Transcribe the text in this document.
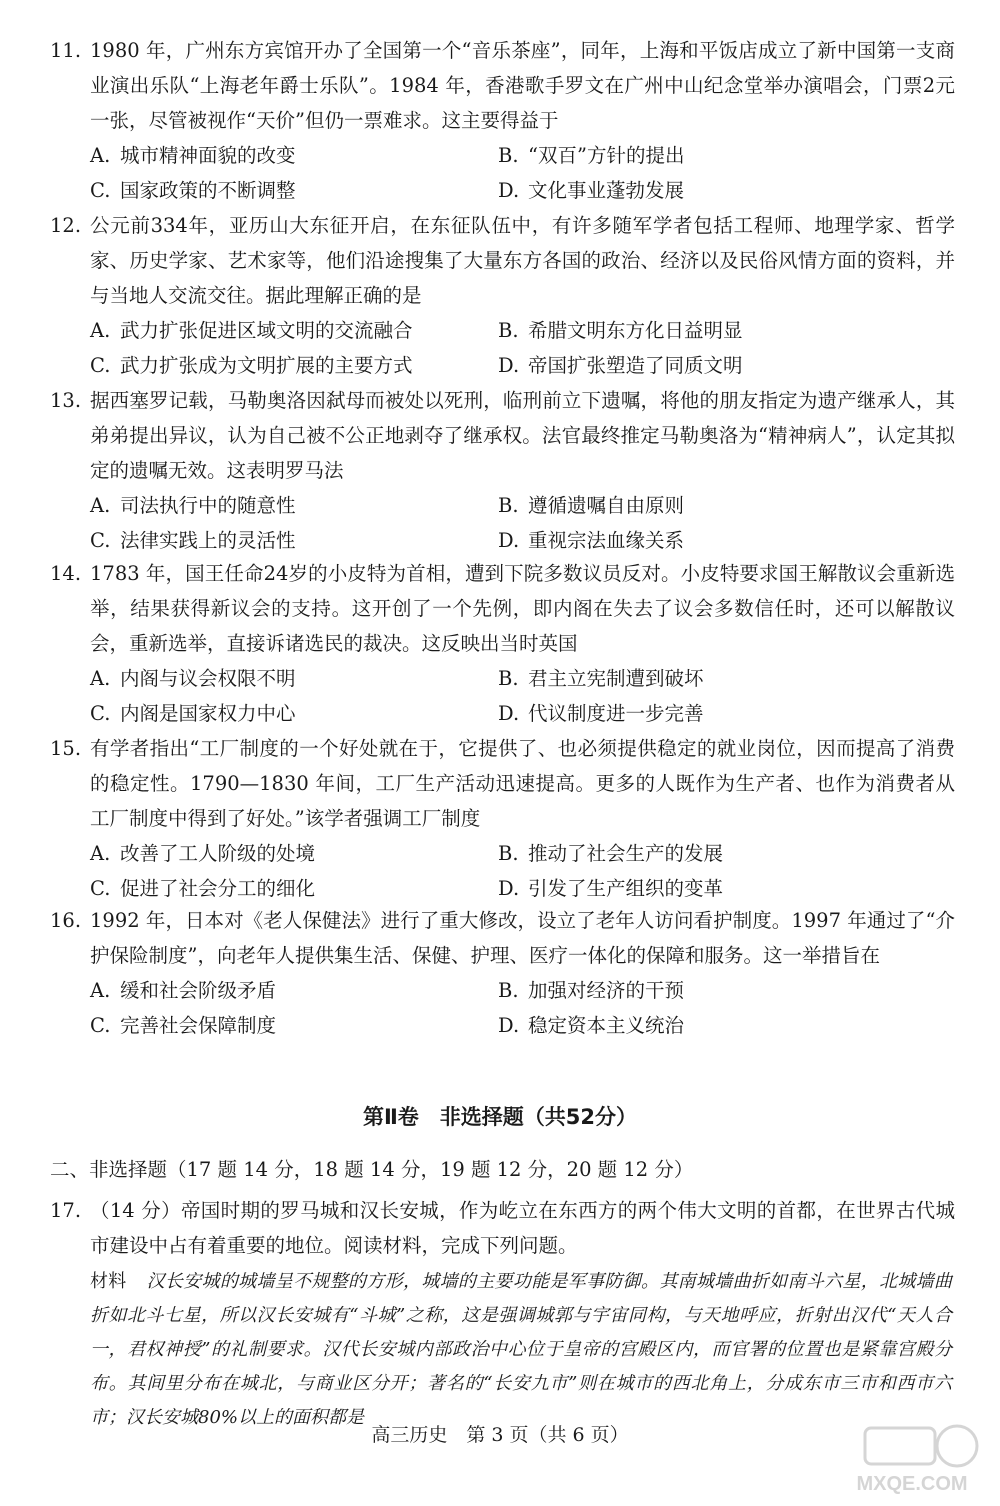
11. 1980 年，广州东方宾馆开办了全国第一个“音乐茶座”，同年，上海和平饭店成立了新中国第一支商业演出乐队“上海老年爵士乐队”。1984 年，香港歌手罗文在广州中山纪念堂举办演唱会，门票2元一张，尽管被视作“天价”但仍一票难求。这主要得益于
A. 城市精神面貌的改变	B. “双百”方针的提出
C. 国家政策的不断调整	D. 文化事业蓬勃发展
12. 公元前334年，亚历山大东征开启，在东征队伍中，有许多随军学者包括工程师、地理学家、哲学家、历史学家、艺术家等，他们沿途搜集了大量东方各国的政治、经济以及民俗风情方面的资料，并与当地人交流交往。据此理解正确的是
A. 武力扩张促进区域文明的交流融合	B. 希腊文明东方化日益明显
C. 武力扩张成为文明扩展的主要方式	D. 帝国扩张塑造了同质文明
13. 据西塞罗记载，马勒奥洛因弑母而被处以死刑，临刑前立下遗嘱，将他的朋友指定为遗产继承人，其弟弟提出异议，认为自己被不公正地剥夺了继承权。法官最终推定马勒奥洛为“精神病人”，认定其拟定的遗嘱无效。这表明罗马法
A. 司法执行中的随意性	B. 遵循遗嘱自由原则
C. 法律实践上的灵活性	D. 重视宗法血缘关系
14. 1783 年，国王任命24岁的小皮特为首相，遭到下院多数议员反对。小皮特要求国王解散议会重新选举，结果获得新议会的支持。这开创了一个先例，即内阁在失去了议会多数信任时，还可以解散议会，重新选举，直接诉诸选民的裁决。这反映出当时英国
A. 内阁与议会权限不明	B. 君主立宪制遭到破坏
C. 内阁是国家权力中心	D. 代议制度进一步完善
15. 有学者指出“工厂制度的一个好处就在于，它提供了、也必须提供稳定的就业岗位，因而提高了消费的稳定性。1790—1830 年间，工厂生产活动迅速提高。更多的人既作为生产者、也作为消费者从工厂制度中得到了好处。”该学者强调工厂制度
A. 改善了工人阶级的处境	B. 推动了社会生产的发展
C. 促进了社会分工的细化	D. 引发了生产组织的变革
16. 1992 年，日本对《老人保健法》进行了重大修改，设立了老年人访问看护制度。1997 年通过了“介护保险制度”，向老年人提供集生活、保健、护理、医疗一体化的保障和服务。这一举措旨在
A. 缓和社会阶级矛盾	B. 加强对经济的干预
C. 完善社会保障制度	D. 稳定资本主义统治
第Ⅱ卷　非选择题（共52分）
二、非选择题（17 题 14 分，18 题 14 分，19 题 12 分，20 题 12 分）
17. （14 分）帝国时期的罗马城和汉长安城，作为屹立在东西方的两个伟大文明的首都，在世界古代城市建设中占有着重要的地位。阅读材料，完成下列问题。
材料 汉长安城的城墙呈不规整的方形，城墙的主要功能是军事防御。其南城墙曲折如南斗六星，北城墙曲折如北斗七星，所以汉长安城有“斗城”之称，这是强调城郭与宇宙同构，与天地呼应，折射出汉代“天人合一，君权神授”的礼制要求。汉代长安城内部政治中心位于皇帝的宫殿区内，而官署的位置也是紧靠宫殿分布。其间里分布在城北，与商业区分开；著名的“长安九市”则在城市的西北角上，分成东市三市和西市六市；汉长安城80%以上的面积都是
高三历史　第 3 页（共 6 页）
MXQE.COM
